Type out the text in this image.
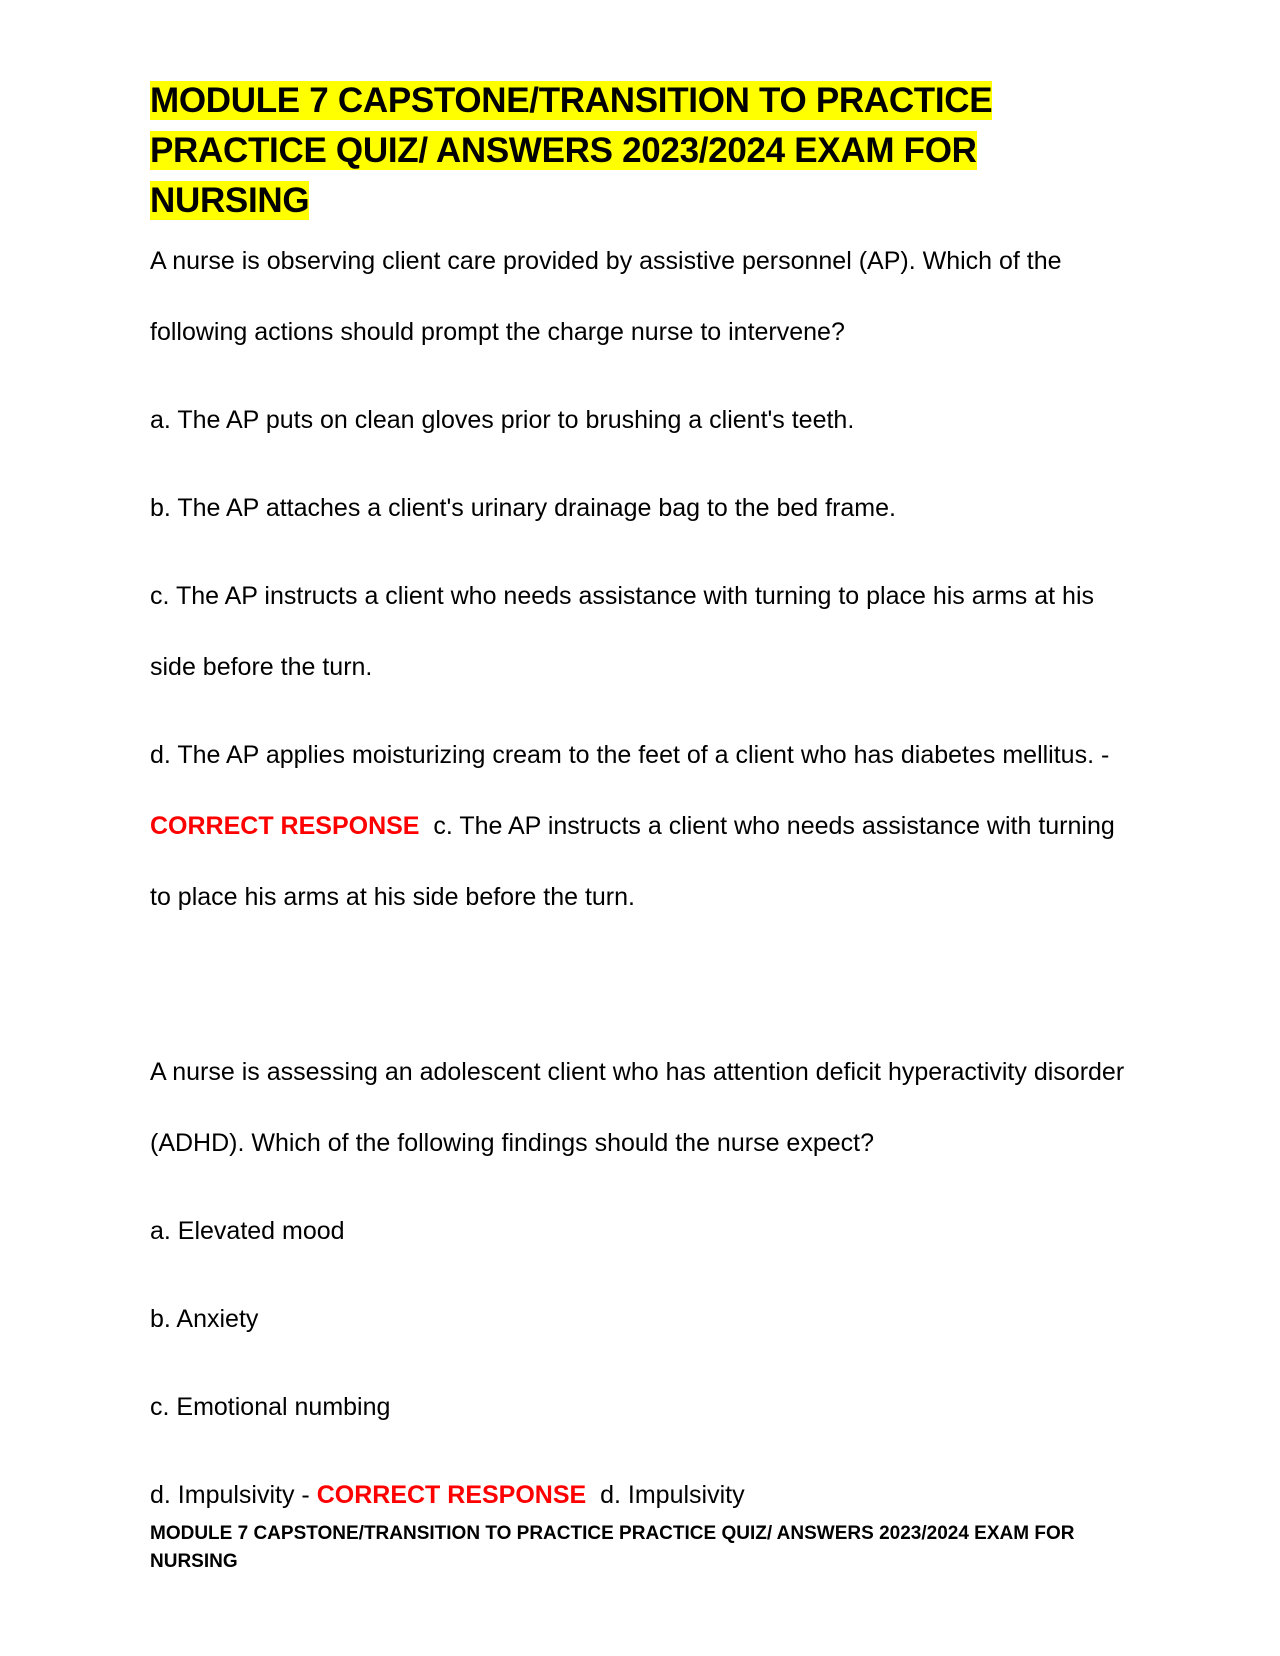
MODULE 7 CAPSTONE/TRANSITION TO PRACTICE PRACTICE QUIZ/ ANSWERS 2023/2024 EXAM FOR NURSING

A nurse is observing client care provided by assistive personnel (AP). Which of the following actions should prompt the charge nurse to intervene?

a. The AP puts on clean gloves prior to brushing a client's teeth.

b. The AP attaches a client's urinary drainage bag to the bed frame.

c. The AP instructs a client who needs assistance with turning to place his arms at his side before the turn.

d. The AP applies moisturizing cream to the feet of a client who has diabetes mellitus. - CORRECT RESPONSE c. The AP instructs a client who needs assistance with turning to place his arms at his side before the turn.

A nurse is assessing an adolescent client who has attention deficit hyperactivity disorder (ADHD). Which of the following findings should the nurse expect?

a. Elevated mood

b. Anxiety

c. Emotional numbing

d. Impulsivity - CORRECT RESPONSE d. Impulsivity

MODULE 7 CAPSTONE/TRANSITION TO PRACTICE PRACTICE QUIZ/ ANSWERS 2023/2024 EXAM FOR NURSING
